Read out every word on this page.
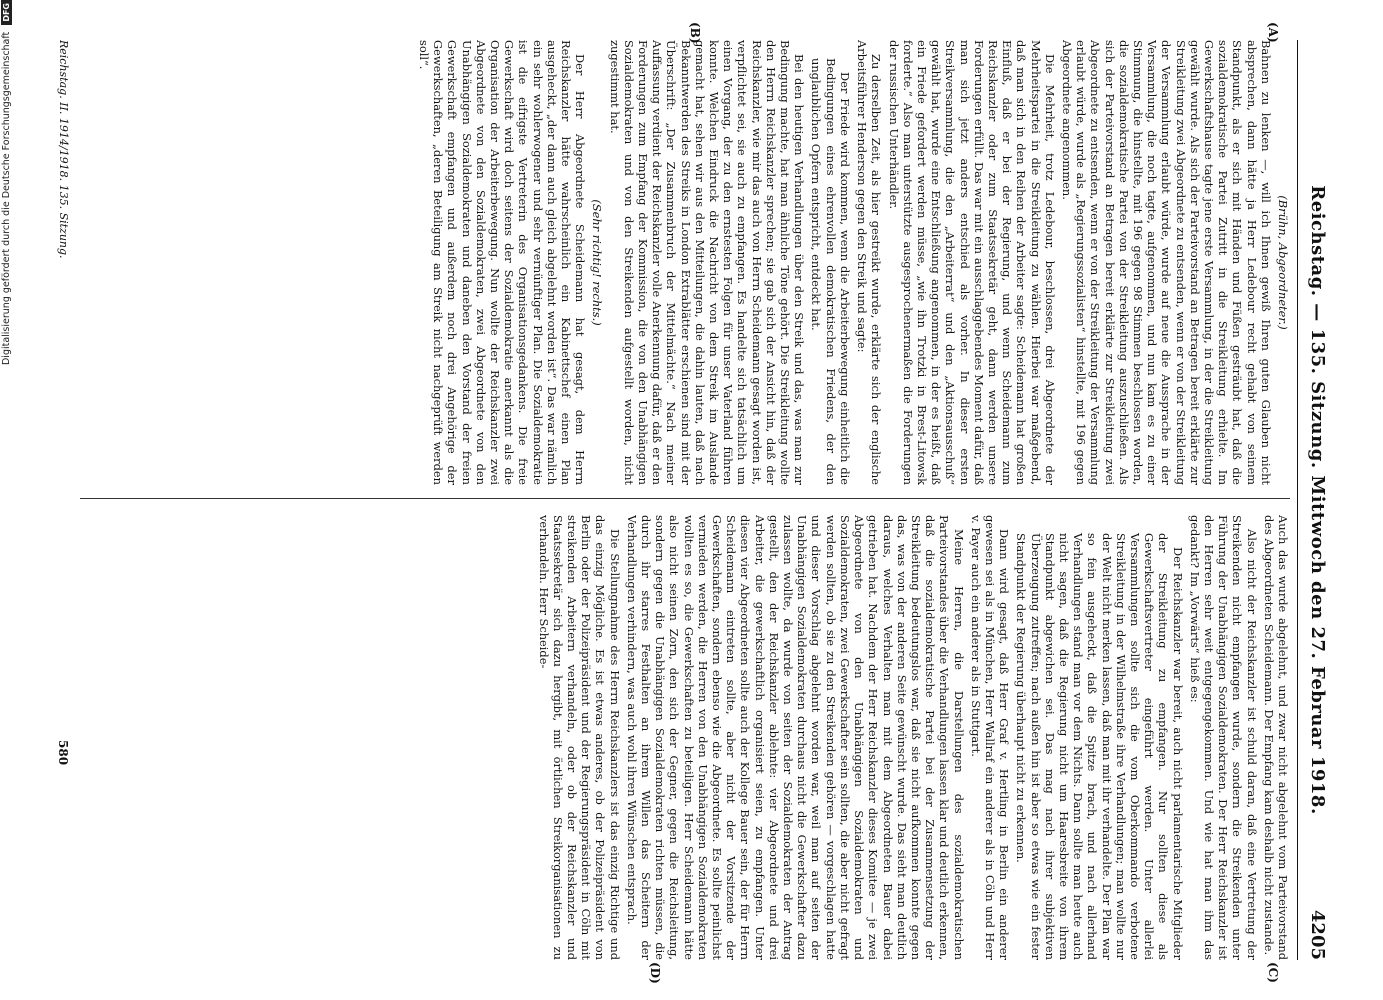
Reichstag. — 135. Sitzung. Mittwoch den 27. Februar 1918.
4205
(A)
(B)
(C)
(D)

(Brühn, Abgeordneter.)

Bahnen zu lenken —, will ich Ihnen gewiß Ihren guten Glauben nicht absprechen, dann hätte ja Herr Ledebour recht gehabt von seinem Standpunkt, als er sich mit Händen und Füßen gesträubt hat, daß die sozialdemokratische Partei Zutritt in die Streikleitung erhielte. Im Gewerkschaftshause tagte jene erste Versammlung, in der die Streikleitung gewählt wurde. Als sich der Parteivorstand an Betragen bereit erklärte zur Streikleitung zwei Abgeordnete zu entsenden, wenn er von der Streikleitung der Versammlung erlaubt würde, wurde auf neue die Aussprache in der Versammlung, die noch tagte, aufgenommen, und nun kam es zu einer Stimmung, die hinstellte, mit 196 gegen 98 Stimmen beschlossen worden, die sozialdemokratische Partei von der Streikleitung auszuschließen. Als sich der Parteivorstand an Betragen bereit erklärte zur Streikleitung zwei Abgeordnete zu entsenden, wenn er von der Streikleitung der Versammlung erlaubt würde, wurde als „Regierungssozialisten“ hinstellte, mit 196 gegen Abgeordnete angenommen.

Die Mehrheit, trotz Ledebour, beschlossen, drei Abgeordnete der Mehrheitspartei in die Streikleitung zu wählen. Hierbei war maßgebend, daß man sich in den Reihen der Arbeiter sagte: Scheidemann hat großen Einfluß, daß er bei der Regierung, und wenn Scheidemann zum Reichskanzler oder zum Staatssekretär geht, dann werden unsere Forderungen erfüllt. Das war mit ein ausschlaggebendes Moment dafür, daß man sich jetzt anders entschied als vorher. In dieser ersten Streikversammlung, die den „Arbeiterrat“ und den „Aktionsausschuß“ gewählt hat, wurde eine Entschließung angenommen, in der es heißt, daß ein Friede gefordert werden müsse, „wie ihn Trotzki in Brest-Litowsk forderte.“ Also man unterstützte ausgesprochenermaßen die Forderungen der russischen Unterhändler.

Zu derselben Zeit, als hier gestreikt wurde, erklärte sich der englische Arbeitsführer Henderson gegen den Streik und sagte:

Der Friede wird kommen, wenn die Arbeiterbewegung einheitlich die Bedingungen eines ehrenvollen demokratischen Friedens, der den unglaublichen Opfern entspricht, entdeckt hat.

Bei den heutigen Verhandlungen über den Streik und das, was man zur Bedingung machte, hat man ähnliche Töne gehört. Die Streikleitung wollte den Herrn Reichskanzler sprechen; sie gab sich der Ansicht hin, daß der Reichskanzler, wie mir das auch von Herrn Scheidemann gesagt worden ist, verpflichtet sei, sie auch zu empfangen. Es handelte sich tatsächlich um einen Vorgang, der zu den ernstesten Folgen für unser Vaterland führen konnte. Welchen Eindruck die Nachricht von dem Streik im Auslande gemacht hat, sehen wir aus den Mitteilungen, die dahin lauten, daß nach Bekanntwerden des Streiks in London Extrablätter erschienen sind mit der Überschrift: „Der Zusammenbruch der Mittelmächte.“ Nach meiner Auffassung verdient der Reichskanzler volle Anerkennung dafür, daß er den Forderungen zum Empfang der Kommission, die von den Unabhängigen Sozialdemokraten und von den Streikenden aufgestellt worden, nicht zugestimmt hat.

(Sehr richtig! rechts.)

Der Herr Abgeordnete Scheidemann hat gesagt, dem Herrn Reichskanzler hätte wahrscheinlich ein Kabinettschef einen Plan ausgeheckt, „der dann auch gleich abgelehnt worden ist“. Das war nämlich ein sehr wohlerwogener und sehr vernünftiger Plan. Die Sozialdemokratie ist die eifrigste Vertreterin des Organisationsgedankens. Die freie Gewerkschaft wird doch seitens der Sozialdemokratie anerkannt als die Organisation der Arbeiterbewegung. Nun wollte der Reichskanzler zwei Abgeordnete von den Sozialdemokraten, zwei Abgeordnete von den Unabhängigen Sozialdemokraten und daneben den Vorstand der freien Gewerkschaft empfangen und außerdem noch drei Angehörige der Gewerkschaften, „deren Beteiligung am Streik nicht nachgeprüft werden soll“.

Auch das wurde abgelehnt, und zwar nicht abgelehnt vom Parteivorstand des Abgeordneten Scheidemann. Der Empfang kam deshalb nicht zustande.

Also nicht der Reichskanzler ist schuld daran, daß eine Vertretung der Streikenden nicht empfangen wurde, sondern die Streikenden unter Führung der Unabhängigen Sozialdemokraten. Der Herr Reichskanzler ist den Herren sehr weit entgegengekommen. Und wie hat man ihm das gedankt? Im „Vorwärts“ hieß es:

Der Reichskanzler war bereit, auch nicht parlamentarische Mitglieder der Streikleitung zu empfangen. Nur sollten diese als Gewerkschaftsvertreter eingeführt werden. Unter allerlei Versammlungen sollte sich die vom Oberkommando verbotene Streikleitung in der Wilhelmstraße ihre Verhandlungen; man wollte nur der Welt nicht merken lassen, daß man mit ihr verhandelte. Der Plan war so fein ausgeheckt, daß die Spitze brach, und nach allerhand Verhandlungen stand man vor dem Nichts. Dann sollte man heute auch nicht sagen, daß die Regierung nicht um Haaresbreite von ihrem Standpunkt abgewichen sei. Das mag nach ihrer subjektiven Überzeugung zutreffen; nach außen hin ist aber so etwas wie ein fester Standpunkt der Regierung überhaupt nicht zu erkennen.

Dann wird gesagt, daß Herr Graf v. Hertling in Berlin ein anderer gewesen sei als in München, Herr Wallraf ein anderer als in Cöln und Herr v. Payer auch ein anderer als in Stuttgart.

Meine Herren, die Darstellungen des sozialdemokratischen Parteivorstandes über die Verhandlungen lassen klar und deutlich erkennen, daß die sozialdemokratische Partei bei der Zusammensetzung der Streikleitung bedeutungslos war, daß sie nicht aufkommen konnte gegen das, was von der anderen Seite gewünscht wurde. Das sieht man deutlich daraus, welches Verhalten man mit dem Abgeordneten Bauer dabei getrieben hat. Nachdem der Herr Reichskanzler dieses Komitee — je zwei Abgeordnete von den Unabhängigen Sozialdemokraten und Sozialdemokraten, zwei Gewerkschafter sein sollten, die aber nicht gefragt werden sollten, ob sie zu den Streikenden gehören — vorgeschlagen hatte und dieser Vorschlag abgelehnt worden war, weil man auf seiten der Unabhängigen Sozialdemokraten durchaus nicht die Gewerkschafter dazu zulassen wollte, da wurde von seiten der Sozialdemokraten der Antrag gestellt, den der Reichskanzler ablehnte: vier Abgeordnete und drei Arbeiter, die gewerkschaftlich organisiert seien, zu empfangen. Unter diesen vier Abgeordneten sollte auch der Kollege Bauer sein, der für Herrn Scheidemann eintreten sollte, aber nicht der Vorsitzende der Gewerkschaften, sondern ebenso wie die Abgeordnete. Es sollte peinlichst vermieden werden, die Herren von den Unabhängigen Sozialdemokraten wollten es so, die Gewerkschaften zu beteiligen. Herr Scheidemann hätte also nicht seinen Zorn, den sich der Gegner, gegen die Reichsleitung, sondern gegen die Unabhängigen Sozialdemokraten richten müssen, die durch ihr starres Festhalten an ihrem Willen das Scheitern der Verhandlungen verhindern, was auch wohl ihren Wünschen entsprach.

Die Stellungnahme des Herrn Reichskanzlers ist das einzig Richtige und das einzig Mögliche. Es ist etwas anderes, ob der Polizeipräsident von Berlin oder der Polizeipräsident und der Regierungspräsident in Cöln mit streikenden Arbeitern verhandeln, oder ob der Reichskanzler und Staatssekretär sich dazu hergibt, mit örtlichen Streikorganisationen zu verhandeln. Herr Scheide-

Reichstag. II. 1914/1918. 135. Sitzung.
580
Digitalisierung gefördert durch die Deutsche Forschungsgemeinschaft DFG
